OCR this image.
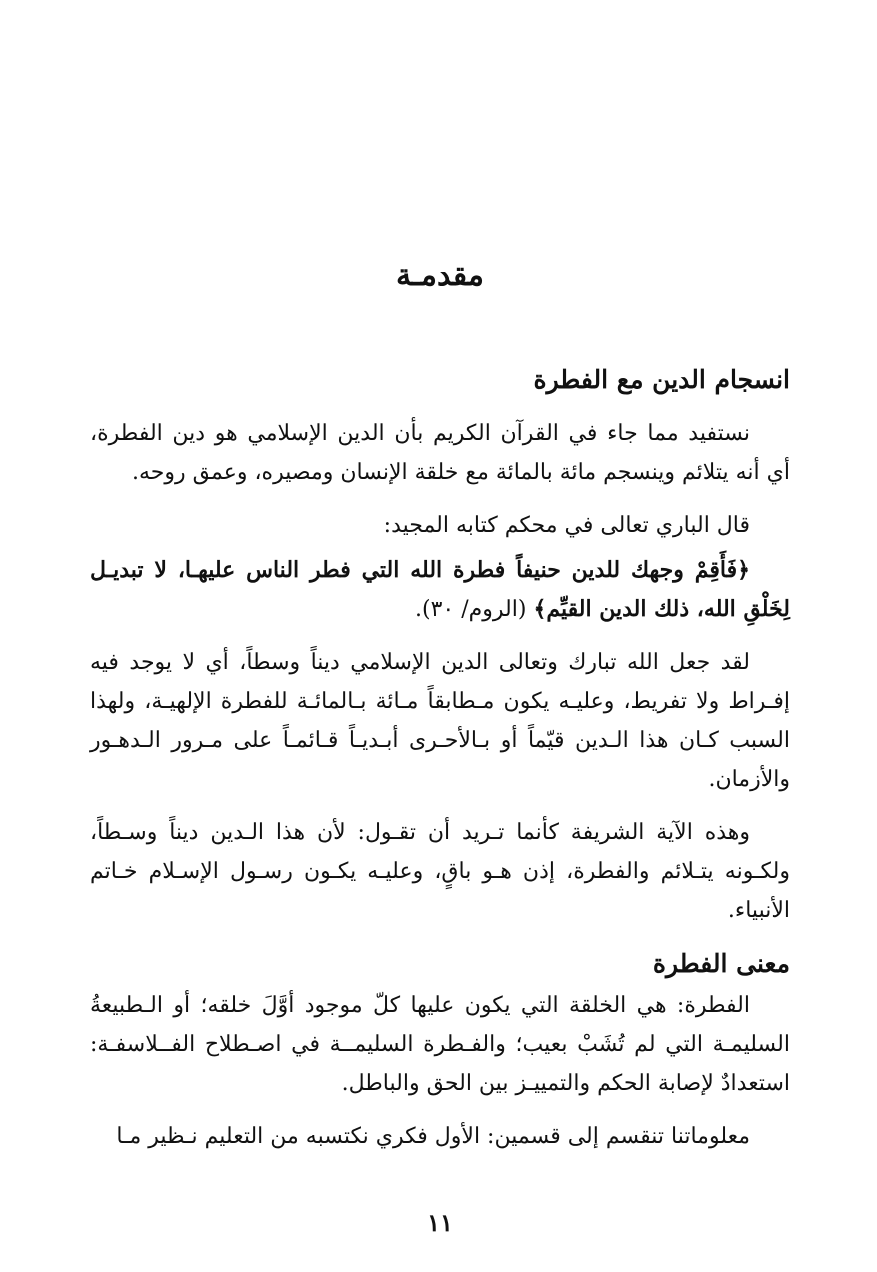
مقدمـة
انسجام الدين مع الفطرة

نستفيد مما جاء في القرآن الكريم بأن الدين الإسلامي هو دين الفطرة، أي أنه يتلائم وينسجم مائة بالمائة مع خلقة الإنسان ومصيره، وعمق روحه.

قال الباري تعالى في محكم كتابه المجيد:

﴿فَأَقِمْ وجهك للدين حنيفاً فطرة الله التي فطر الناس عليهـا، لا تبديـل لِخَلْقِ الله، ذلك الدين القيِّم﴾ (الروم/ ٣٠).

لقد جعل الله تبارك وتعالى الدين الإسلامي ديناً وسطاً، أي لا يوجد فيه إفـراط ولا تفريط، وعليـه يكون مـطابقاً مـائة بـالمائـة للفطرة الإلهيـة، ولهذا السبب كـان هذا الـدين قيّماً أو بـالأحـرى أبـديـاً قـائمـاً على مـرور الـدهـور والأزمان.

وهذه الآية الشريفة كأنما تـريد أن تقـول: لأن هذا الـدين ديناً وسـطاً، ولكـونه يتـلائم والفطرة، إذن هـو باقٍ، وعليـه يكـون رسـول الإسـلام خـاتم الأنبياء.

معنى الفطرة

الفطرة: هي الخلقة التي يكون عليها كلّ موجود أوَّلَ خلقه؛ أو الـطبيعةُ السليمـة التي لم تُشَبْ بعيب؛ والفـطرة السليمــة في اصـطلاح الفــلاسفـة: استعدادٌ لإصابة الحكم والتمييـز بين الحق والباطل.

معلوماتنا تنقسم إلى قسمين: الأول فكري نكتسبه من التعليم نـظير مـا

١١
